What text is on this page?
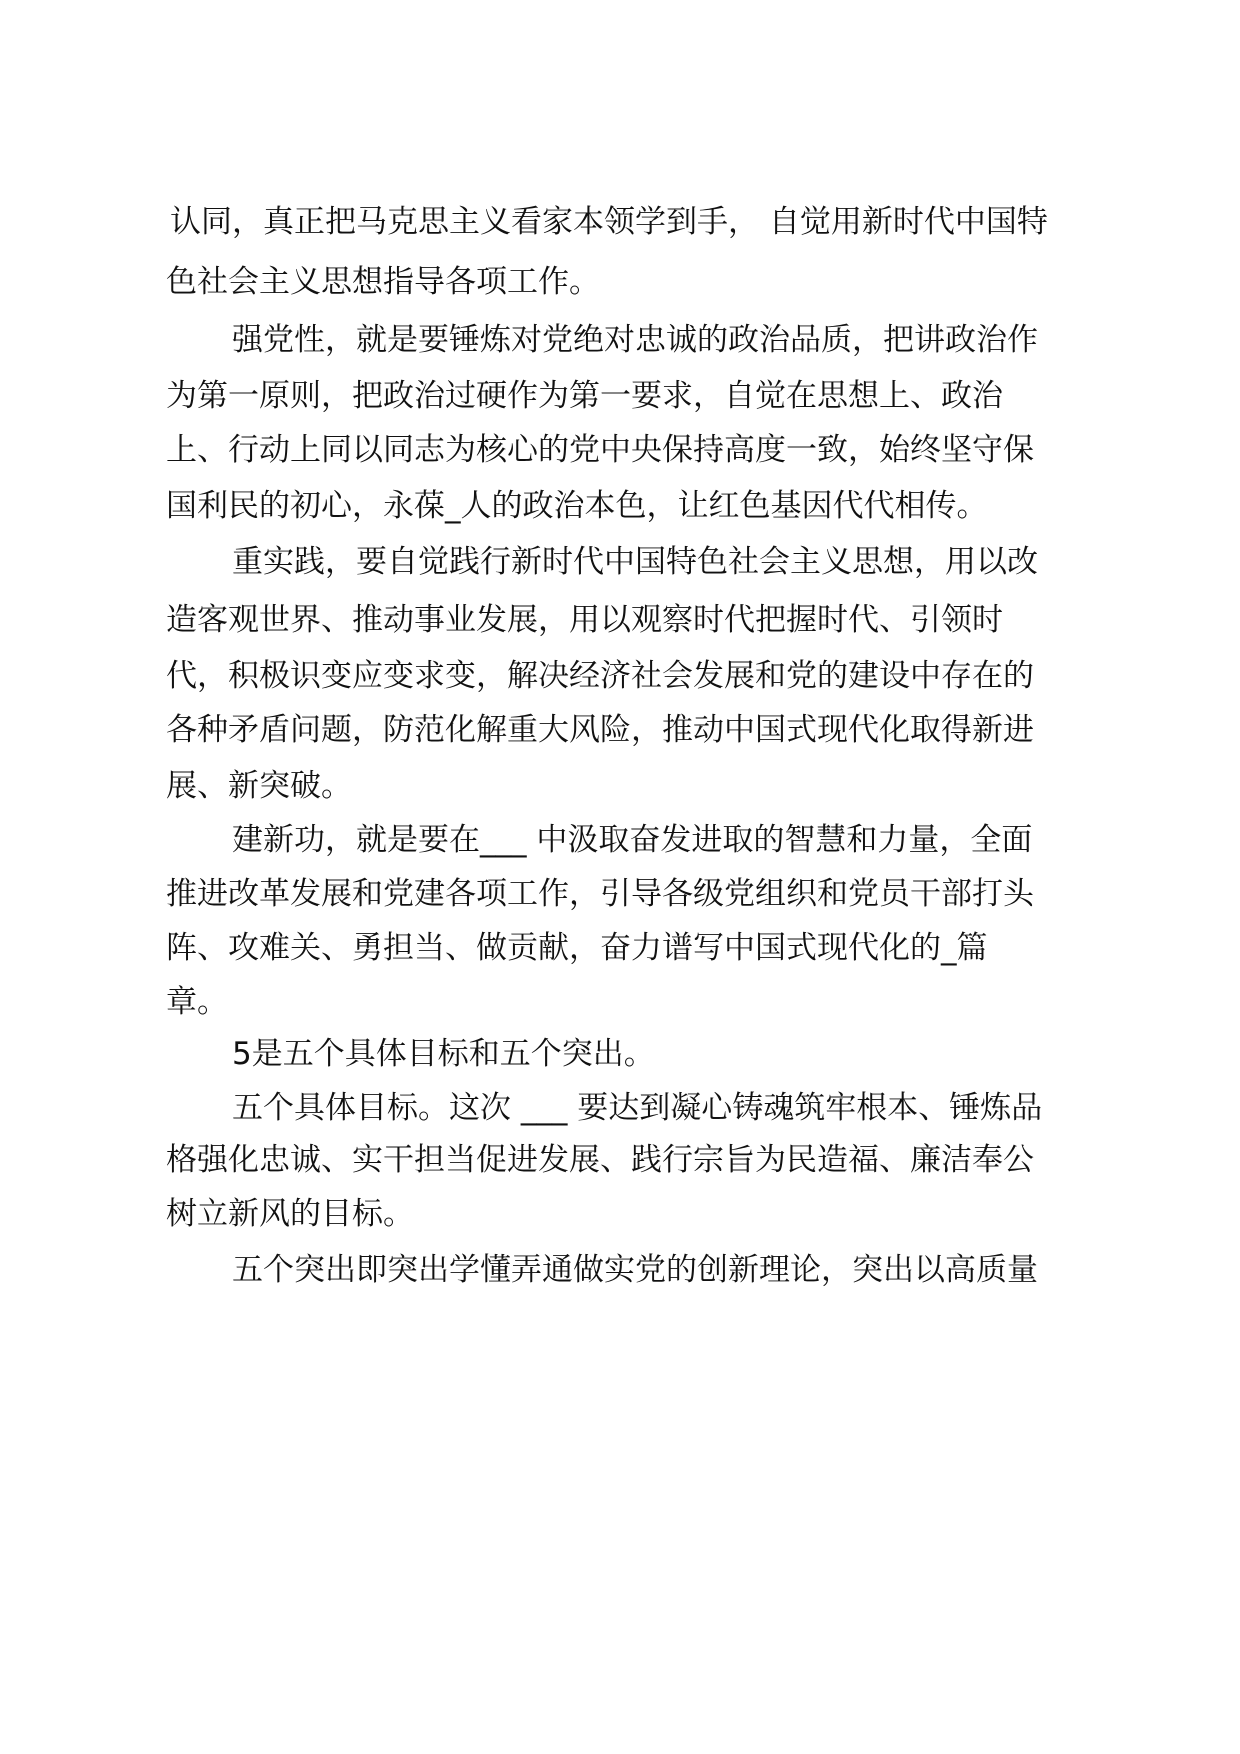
认同，真正把马克思主义看家本领学到手， 自觉用新时代中国特
色社会主义思想指导各项工作。
强党性，就是要锤炼对党绝对忠诚的政治品质，把讲政治作
为第一原则，把政治过硬作为第一要求，自觉在思想上、政治
上、行动上同以同志为核心的党中央保持高度一致，始终坚守保
国利民的初心，永葆_人的政治本色，让红色基因代代相传。
重实践，要自觉践行新时代中国特色社会主义思想，用以改
造客观世界、推动事业发展，用以观察时代把握时代、引领时
代，积极识变应变求变，解决经济社会发展和党的建设中存在的
各种矛盾问题，防范化解重大风险，推动中国式现代化取得新进
展、新突破。
建新功，就是要在___ 中汲取奋发进取的智慧和力量，全面
推进改革发展和党建各项工作，引导各级党组织和党员干部打头
阵、攻难关、勇担当、做贡献，奋力谱写中国式现代化的_篇
章。
5是五个具体目标和五个突出。
五个具体目标。这次 ___ 要达到凝心铸魂筑牢根本、锤炼品
格强化忠诚、实干担当促进发展、践行宗旨为民造福、廉洁奉公
树立新风的目标。
五个突出即突出学懂弄通做实党的创新理论，突出以高质量
